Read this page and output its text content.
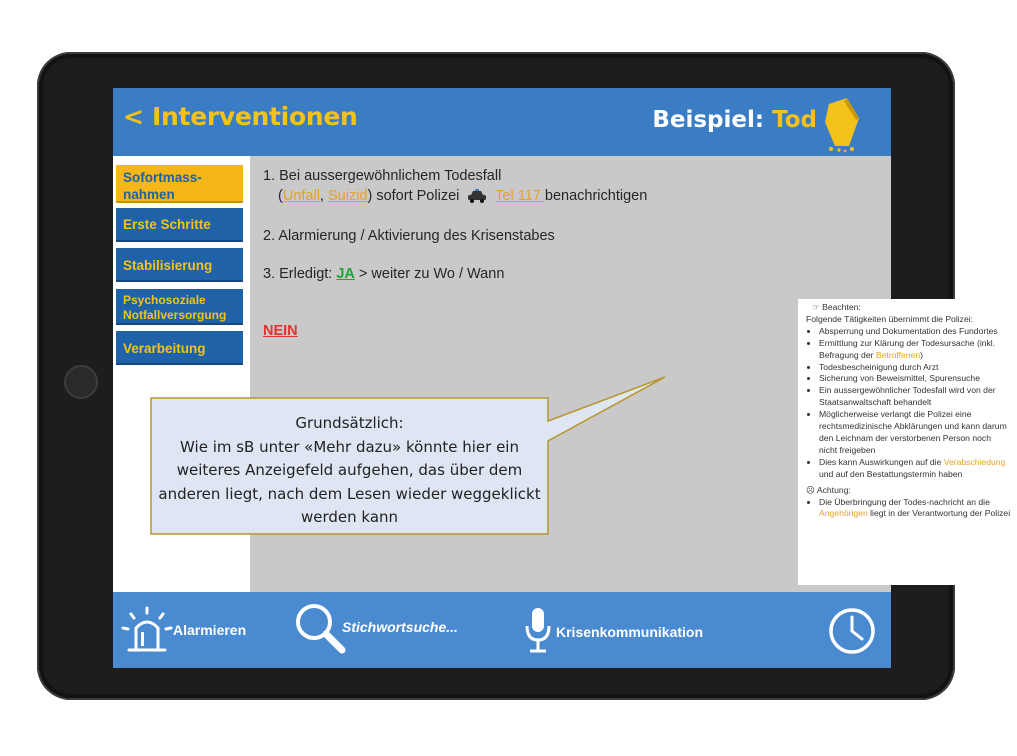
< Interventionen	Beispiel: Tod
Sofortmass-
nahmen
Erste Schritte
Stabilisierung
Psychosoziale Notfallversorgung
Verarbeitung
1. Bei aussergewöhnlichem Todesfall
(Unfall, Suizid) sofort Polizei Tel 117 benachrichtigen
2. Alarmierung / Aktivierung des Krisenstabes
3. Erledigt: JA > weiter zu Wo / Wann
NEIN
☞ Beachten:
Folgende Tätigkeiten übernimmt die Polizei:
• Absperrung und Dokumentation des Fundortes
• Ermittlung zur Klärung der Todesursache (inkl. Befragung der Betroffenen)
• Todesbescheinigung durch Arzt
• Sicherung von Beweismittel, Spurensuche
• Ein aussergewöhnlicher Todesfall wird von der Staatsanwaltschaft behandelt
• Möglicherweise verlangt die Polizei eine rechtsmedizinische Abklärungen und kann darum den Leichnam der verstorbenen Person noch nicht freigeben
• Dies kann Auswirkungen auf die Verabschiedung und auf den Bestattungstermin haben
☹ Achtung:
• Die Überbringung der Todes-nachricht an die Angehörigen liegt in der Verantwortung der Polizei
Alarmieren	Stichwortsuche...	Krisenkommunikation
Grundsätzlich:
Wie im sB unter «Mehr dazu» könnte hier ein
weiteres Anzeigefeld aufgehen, das über dem
anderen liegt, nach dem Lesen wieder weggeklickt
werden kann
